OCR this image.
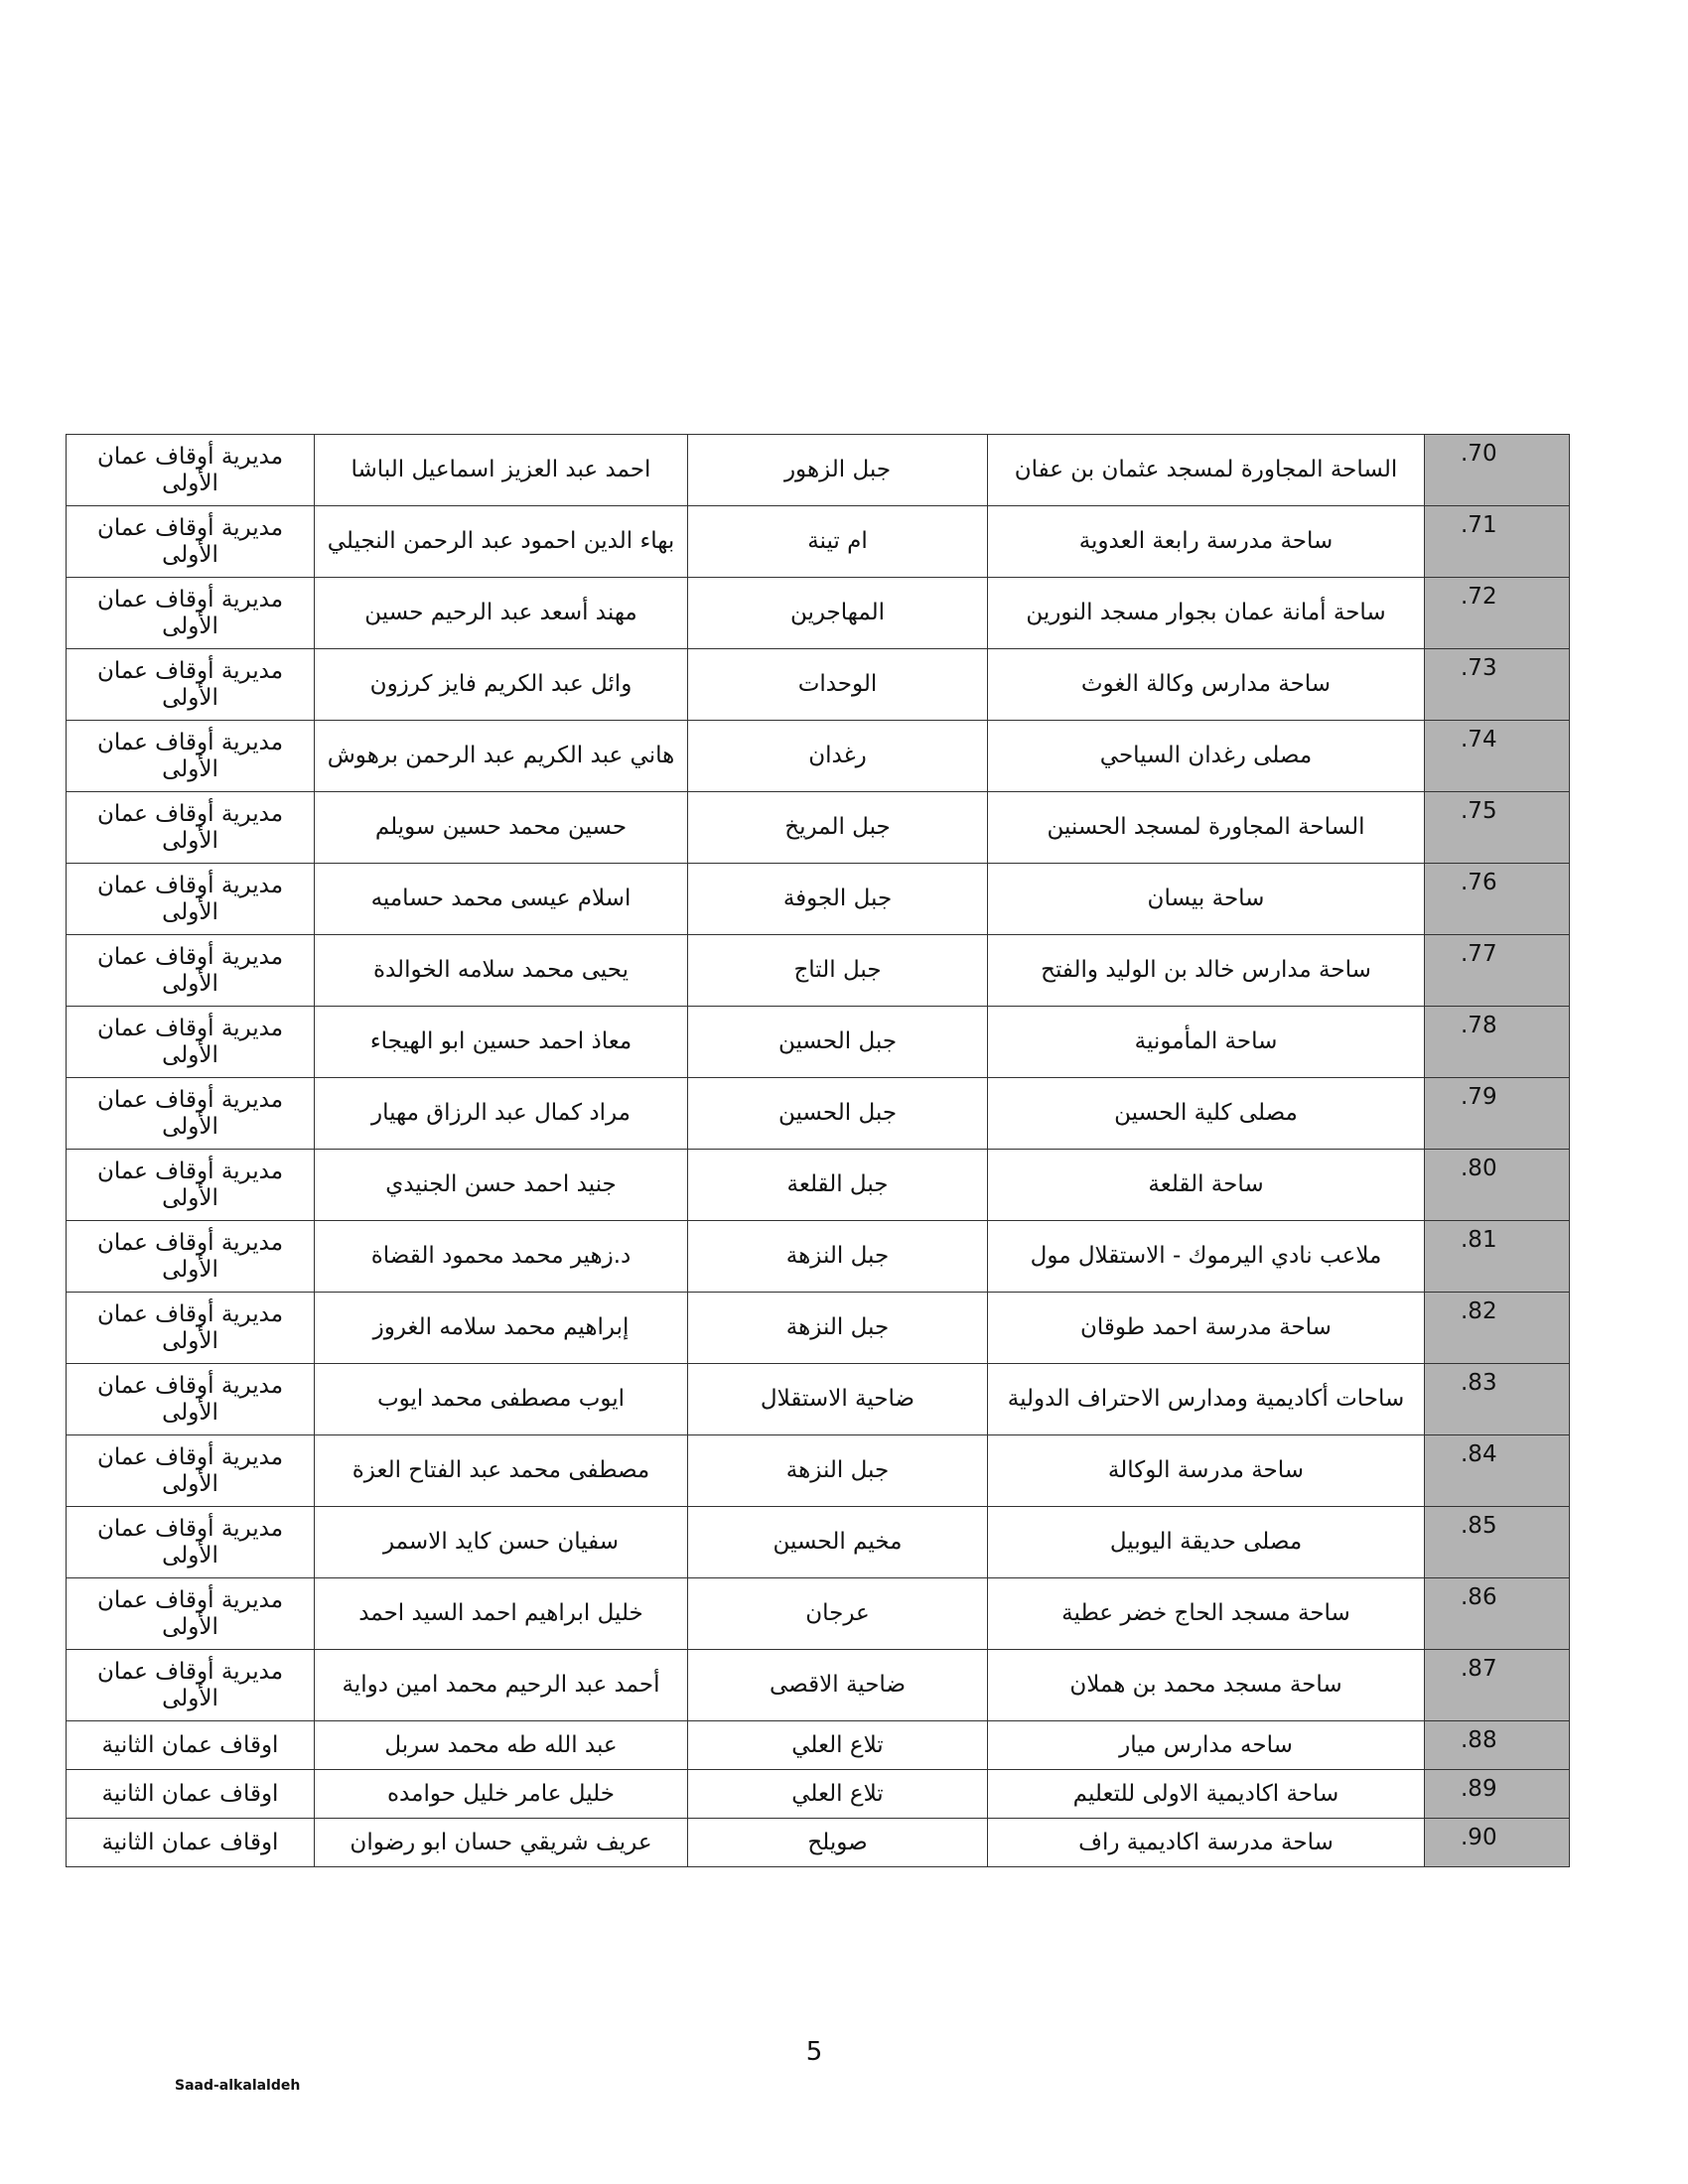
مديرية أوقاف عمان الأولى	احمد عبد العزيز اسماعيل الباشا	جبل الزهور	الساحة المجاورة لمسجد عثمان بن عفان	.70
مديرية أوقاف عمان الأولى	بهاء الدين احمود عبد الرحمن النجيلي	ام تينة	ساحة مدرسة رابعة العدوية	.71
مديرية أوقاف عمان الأولى	مهند أسعد عبد الرحيم حسين	المهاجرين	ساحة أمانة عمان بجوار مسجد النورين	.72
مديرية أوقاف عمان الأولى	وائل عبد الكريم فايز كرزون	الوحدات	ساحة مدارس وكالة الغوث	.73
مديرية أوقاف عمان الأولى	هاني عبد الكريم عبد الرحمن برهوش	رغدان	مصلى رغدان السياحي	.74
مديرية أوقاف عمان الأولى	حسين محمد حسين سويلم	جبل المريخ	الساحة المجاورة لمسجد الحسنين	.75
مديرية أوقاف عمان الأولى	اسلام عيسى محمد حساميه	جبل الجوفة	ساحة بيسان	.76
مديرية أوقاف عمان الأولى	يحيى محمد سلامه الخوالدة	جبل التاج	ساحة مدارس خالد بن الوليد والفتح	.77
مديرية أوقاف عمان الأولى	معاذ احمد حسين ابو الهيجاء	جبل الحسين	ساحة المأمونية	.78
مديرية أوقاف عمان الأولى	مراد كمال عبد الرزاق مهيار	جبل الحسين	مصلى كلية الحسين	.79
مديرية أوقاف عمان الأولى	جنيد احمد حسن الجنيدي	جبل القلعة	ساحة القلعة	.80
مديرية أوقاف عمان الأولى	د.زهير محمد محمود القضاة	جبل النزهة	ملاعب نادي اليرموك - الاستقلال مول	.81
مديرية أوقاف عمان الأولى	إبراهيم محمد سلامه الغروز	جبل النزهة	ساحة مدرسة احمد طوقان	.82
مديرية أوقاف عمان الأولى	ايوب مصطفى محمد ايوب	ضاحية الاستقلال	ساحات أكاديمية ومدارس الاحتراف الدولية	.83
مديرية أوقاف عمان الأولى	مصطفى محمد عبد الفتاح العزة	جبل النزهة	ساحة مدرسة الوكالة	.84
مديرية أوقاف عمان الأولى	سفيان حسن كايد الاسمر	مخيم الحسين	مصلى حديقة اليوبيل	.85
مديرية أوقاف عمان الأولى	خليل ابراهيم احمد السيد احمد	عرجان	ساحة مسجد الحاج خضر عطية	.86
مديرية أوقاف عمان الأولى	أحمد عبد الرحيم محمد امين دواية	ضاحية الاقصى	ساحة مسجد محمد بن هملان	.87
اوقاف عمان الثانية	عبد الله طه محمد سربل	تلاع العلي	ساحه مدارس ميار	.88
اوقاف عمان الثانية	خليل عامر خليل حوامده	تلاع العلي	ساحة اكاديمية الاولى للتعليم	.89
اوقاف عمان الثانية	عريف شريقي حسان ابو رضوان	صويلح	ساحة مدرسة اكاديمية راف	.90
5
Saad-alkalaldeh
